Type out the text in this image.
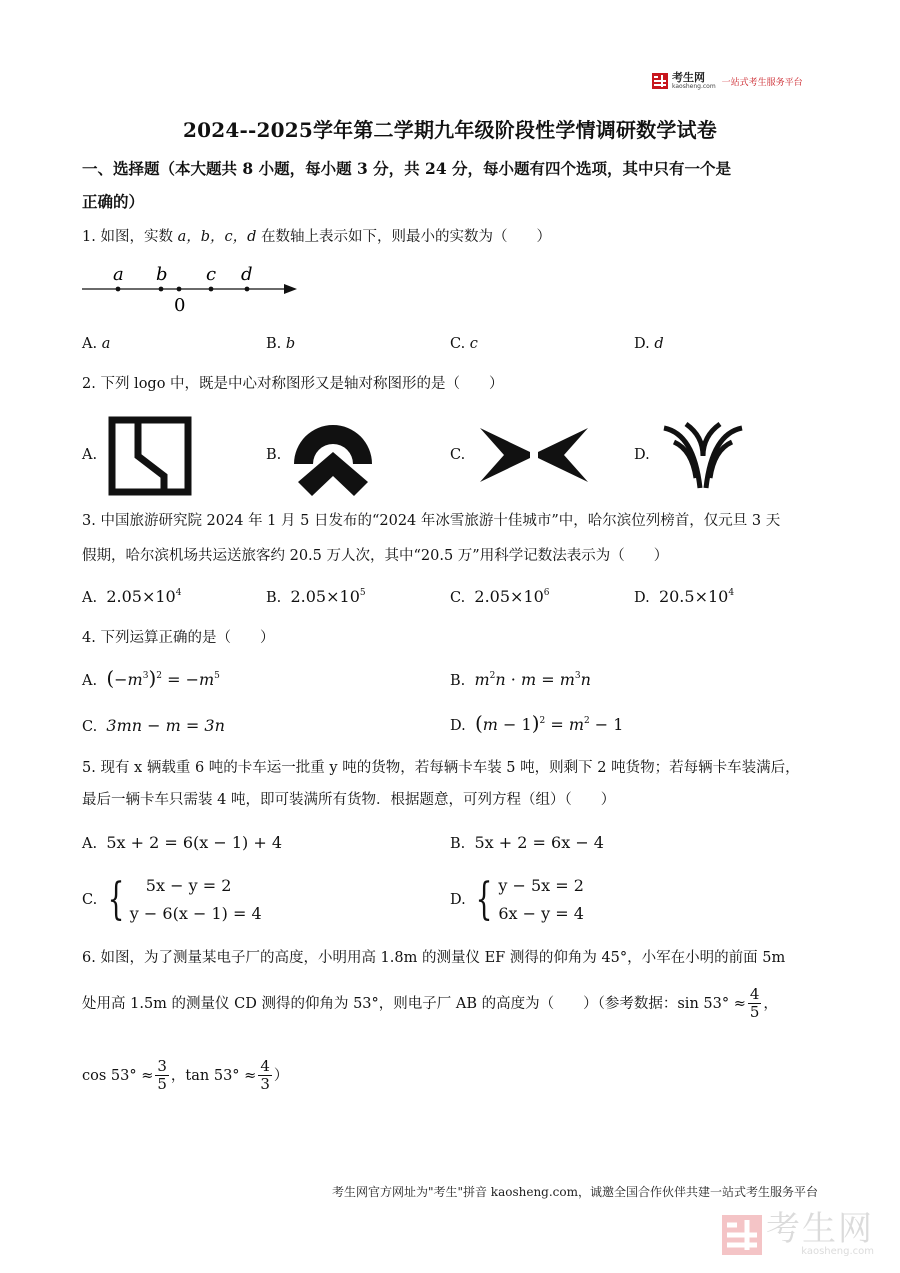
考生网
kaosheng.com 一站式考生服务平台
2024--2025学年第二学期九年级阶段性学情调研数学试卷
一、选择题（本大题共 8 小题，每小题 3 分，共 24 分，每小题有四个选项，其中只有一个是
正确的）
1. 如图，实数 a，b，c，d 在数轴上表示如下，则最小的实数为（　　）
a b c d
0
A. a	B. b	C. c	D. d
2. 下列 logo 中，既是中心对称图形又是轴对称图形的是（　　）
A.	B.	C.	D.
3. 中国旅游研究院 2024 年 1 月 5 日发布的“2024 年冰雪旅游十佳城市”中，哈尔滨位列榜首，仅元旦 3 天
假期，哈尔滨机场共运送旅客约 20.5 万人次，其中“20.5 万”用科学记数法表示为（　　）
A. $2.05\times 10^4$	B. $2.05\times 10^5$	C. $2.05\times 10^6$	D. $20.5\times 10^4$
4. 下列运算正确的是（　　）
A. $(-m^3)^2 = -m^5$	B. $m^2n \cdot m = m^3n$
C. 3mn − m = 3n	D. $(m - 1)^2 = m^2 - 1$
5. 现有 x 辆载重 6 吨的卡车运一批重 y 吨的货物，若每辆卡车装 5 吨，则剩下 2 吨货物；若每辆卡车装满后，
最后一辆卡车只需装 4 吨，即可装满所有货物．根据题意，可列方程（组）（　　）
A. 5x + 2 = 6(x − 1) + 4	B. 5x + 2 = 6x − 4
C.
{	5x − y = 2
y − 6(x − 1) = 4
D.
{ y − 5x = 2
6x − y = 4
6. 如图，为了测量某电子厂的高度，小明用高 1.8m 的测量仪 EF 测得的仰角为 45°，小军在小明的前面 5m
处用高 1.5m 的测量仪 CD 测得的仰角为 53°，则电子厂 AB 的高度为（　　）（参考数据：$\sin 53^\circ \approx \frac{4}{5}$ ，
$\cos 53^\circ \approx \frac{3}{5}$ ，$\tan 53^\circ \approx \frac{4}{3}$ ）
考生网官方网址为"考生"拼音 kaosheng.com，诚邀全国合作伙伴共建一站式考生服务平台
考生网
kaosheng.com
